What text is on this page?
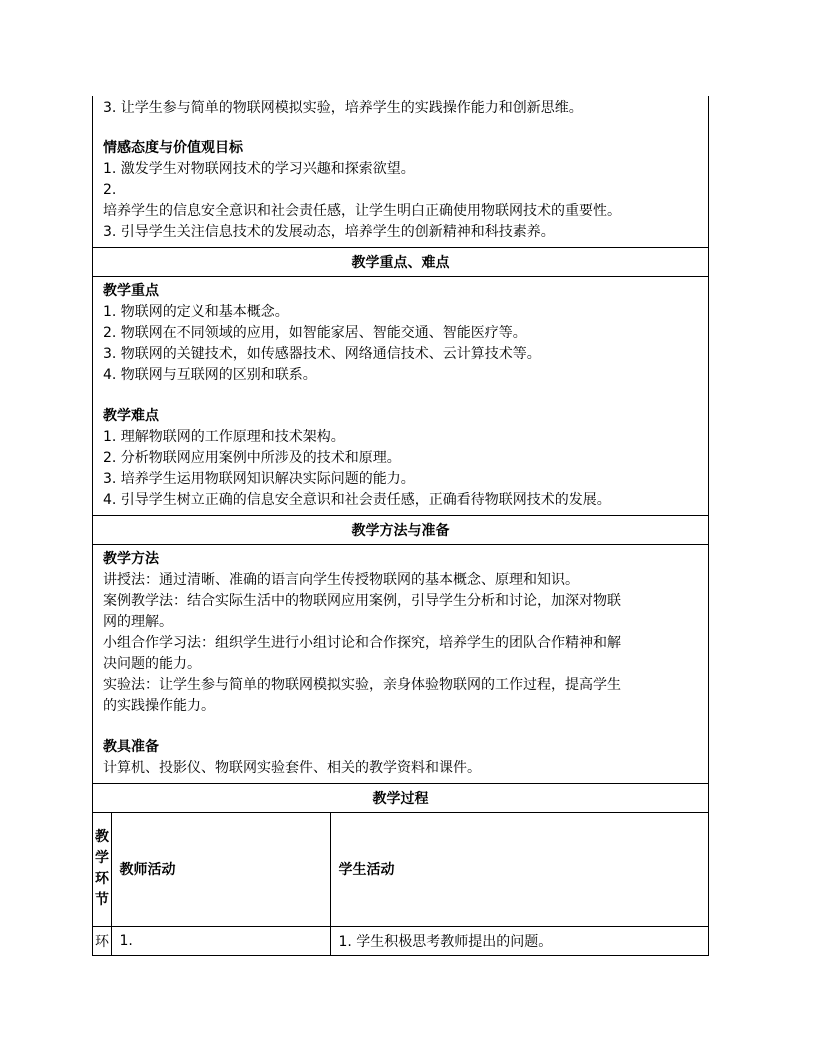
3. 让学生参与简单的物联网模拟实验，培养学生的实践操作能力和创新思维。

情感态度与价值观目标

1. 激发学生对物联网技术的学习兴趣和探索欲望。

2.

培养学生的信息安全意识和社会责任感，让学生明白正确使用物联网技术的重要性。

3. 引导学生关注信息技术的发展动态，培养学生的创新精神和科技素养。

教学重点、难点

教学重点

1. 物联网的定义和基本概念。

2. 物联网在不同领域的应用，如智能家居、智能交通、智能医疗等。

3. 物联网的关键技术，如传感器技术、网络通信技术、云计算技术等。

4. 物联网与互联网的区别和联系。

教学难点

1. 理解物联网的工作原理和技术架构。

2. 分析物联网应用案例中所涉及的技术和原理。

3. 培养学生运用物联网知识解决实际问题的能力。

4. 引导学生树立正确的信息安全意识和社会责任感，正确看待物联网技术的发展。

教学方法与准备

教学方法

讲授法：通过清晰、准确的语言向学生传授物联网的基本概念、原理和知识。

案例教学法：结合实际生活中的物联网应用案例，引导学生分析和讨论，加深对物联

网的理解。

小组合作学习法：组织学生进行小组讨论和合作探究，培养学生的团队合作精神和解

决问题的能力。

实验法：让学生参与简单的物联网模拟实验，亲身体验物联网的工作过程，提高学生

的实践操作能力。

教具准备

计算机、投影仪、物联网实验套件、相关的教学资料和课件。

教学过程
教
学
环
节	教师活动	学生活动

环	1.	1. 学生积极思考教师提出的问题。
